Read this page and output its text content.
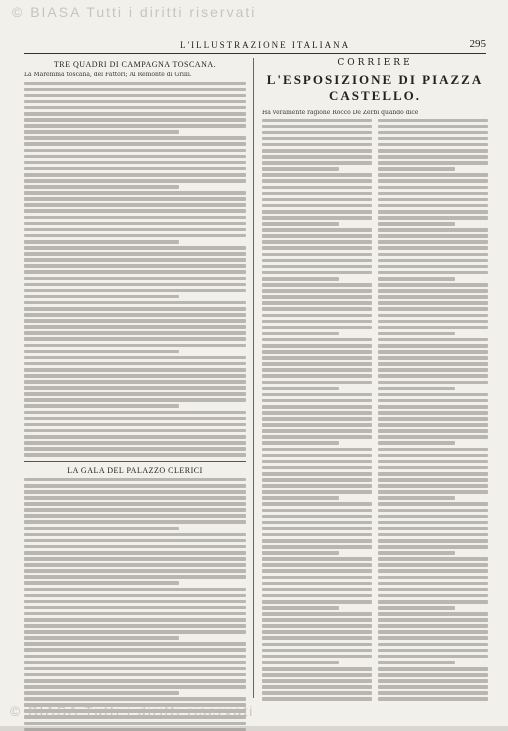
© BIASA Tutti i diritti riservati
L'ILLUSTRAZIONE ITALIANA	295
TRE QUADRI DI CAMPAGNA TOSCANA.
La Maremma toscana, del Fattori; Al Remonte di Grilli.
LA GALA DEL PALAZZO CLERICI
CORRIERE
L'ESPOSIZIONE DI PIAZZA CASTELLO.
Ha veramente ragione Rocco De Zerbi quando dice
© BIASA Tutti i diritti riservati
